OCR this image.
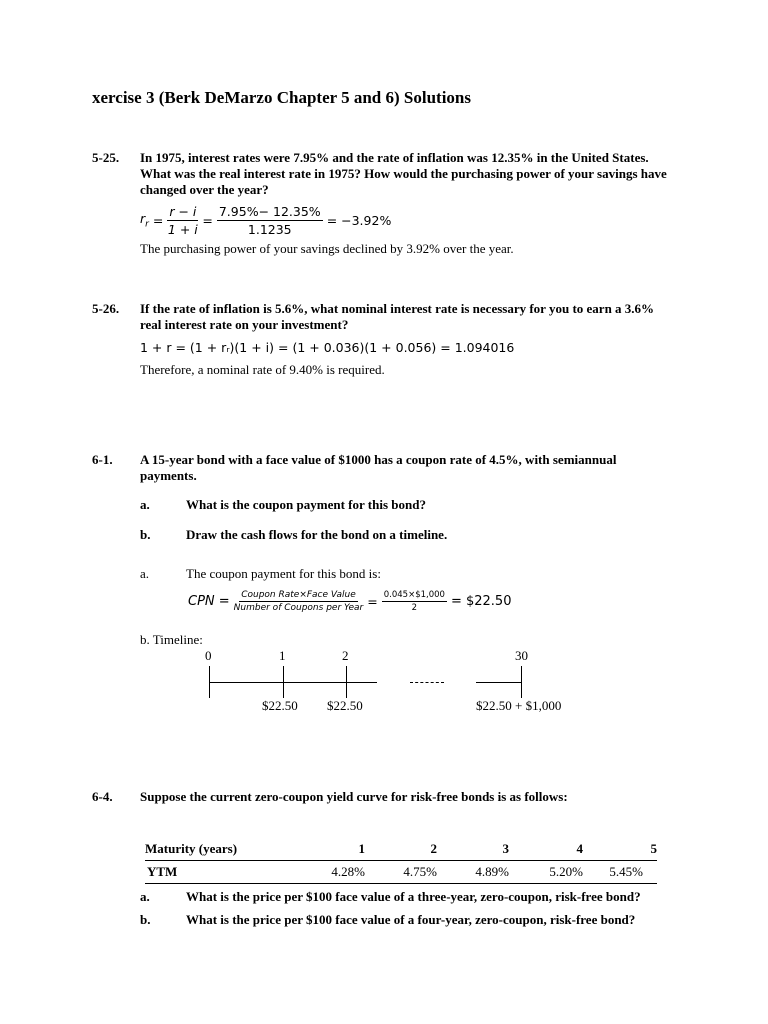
xercise 3 (Berk DeMarzo Chapter 5 and 6) Solutions
5-25. In 1975, interest rates were 7.95% and the rate of inflation was 12.35% in the United States. What was the real interest rate in 1975? How would the purchasing power of your savings have changed over the year?
$r_r = \frac{r - i}{1 + i} = \frac{7.95\%- 12.35\%}{1.1235} = -3.92\%$
The purchasing power of your savings declined by 3.92% over the year.
5-26. If the rate of inflation is 5.6%, what nominal interest rate is necessary for you to earn a 3.6% real interest rate on your investment?
1 + r = (1 + rᵣ)(1 + i) = (1 + 0.036)(1 + 0.056) = 1.094016
Therefore, a nominal rate of 9.40% is required.
6-1. A 15-year bond with a face value of $1000 has a coupon rate of 4.5%, with semiannual payments.
a.	What is the coupon payment for this bond?
b.	Draw the cash flows for the bond on a timeline.
a.	The coupon payment for this bond is:
CPN = $\frac{\text{Coupon Rate×Face Value}}{\text{Number of Coupons per Year}} = \frac{0.045\times\$1,000}{2}$ = $22.50
b. Timeline:
0	1	2	30
$22.50 $22.50	$22.50 + $1,000
6-4. Suppose the current zero-coupon yield curve for risk-free bonds is as follows:
Maturity (years)	1	2	3	4	5
YTM	4.28%	4.75%	4.89%	5.20%	5.45%
a.	What is the price per $100 face value of a three-year, zero-coupon, risk-free bond?
b.	What is the price per $100 face value of a four-year, zero-coupon, risk-free bond?
